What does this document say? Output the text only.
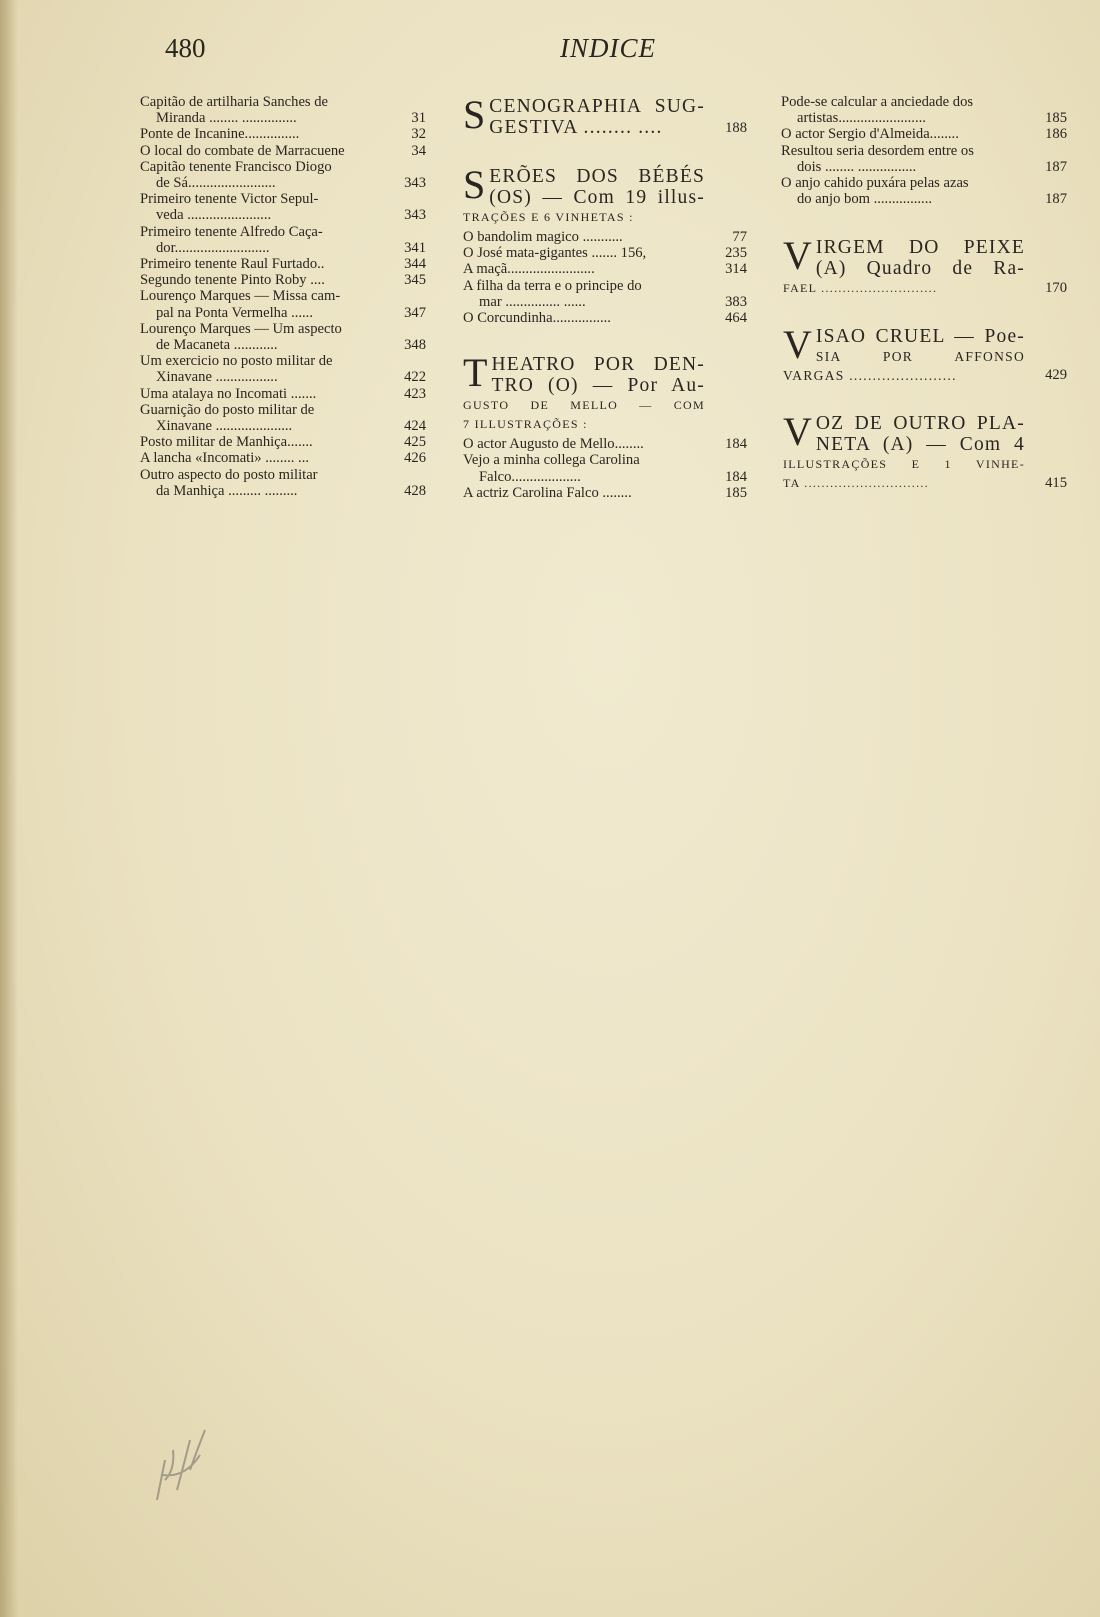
480	INDICE
Capitão de artilharia Sanches de
Miranda ........ ...............	31
Ponte de Incanine...............	32
O local do combate de Marracuene	34
Capitão tenente Francisco Diogo
de Sá........................	343
Primeiro tenente Victor Sepul-
veda .......................	343
Primeiro tenente Alfredo Caça-
dor..........................	341
Primeiro tenente Raul Furtado..	344
Segundo tenente Pinto Roby ....	345
Lourenço Marques — Missa cam-
pal na Ponta Vermelha ......	347
Lourenço Marques — Um aspecto
de Macaneta ............	348
Um exercicio no posto militar de
Xinavane .................	422
Uma atalaya no Incomati .......	423
Guarnição do posto militar de
Xinavane .....................	424
Posto militar de Manhiça.......	425
A lancha «Incomati» ........ ...	426
Outro aspecto do posto militar
da Manhiça ......... .........	428
S CENOGRAPHIA SUG-
GESTIVA ........ ....	188
S ERÕES DOS BÉBÉS
(OS) — Com 19 illus-
TRAÇÕES E 6 VINHETAS :
O bandolim magico ...........	77
O José mata-gigantes ....... 156,	235
A maçã........................	314
A filha da terra e o principe do
mar ............... ......	383
O Corcundinha................	464
T HEATRO POR DEN-
TRO (O) — Por Au-
GUSTO DE MELLO — COM
7 ILLUSTRAÇÕES :
O actor Augusto de Mello........	184
Vejo a minha collega Carolina
Falco...................	184
A actriz Carolina Falco ........	185
Pode-se calcular a anciedade dos
artistas........................	185
O actor Sergio d'Almeida........	186
Resultou seria desordem entre os
dois ........ ................	187
O anjo cahido puxára pelas azas
do anjo bom ................	187
V IRGEM DO PEIXE
(A) Quadro de Ra-
FAEL ...........................	170
V ISAO CRUEL — Poe-
SIA POR AFFONSO
VARGAS .......................	429
V OZ DE OUTRO PLA-
NETA (A) — Com 4
ILLUSTRAÇÕES E 1 VINHE-
TA .............................	415
